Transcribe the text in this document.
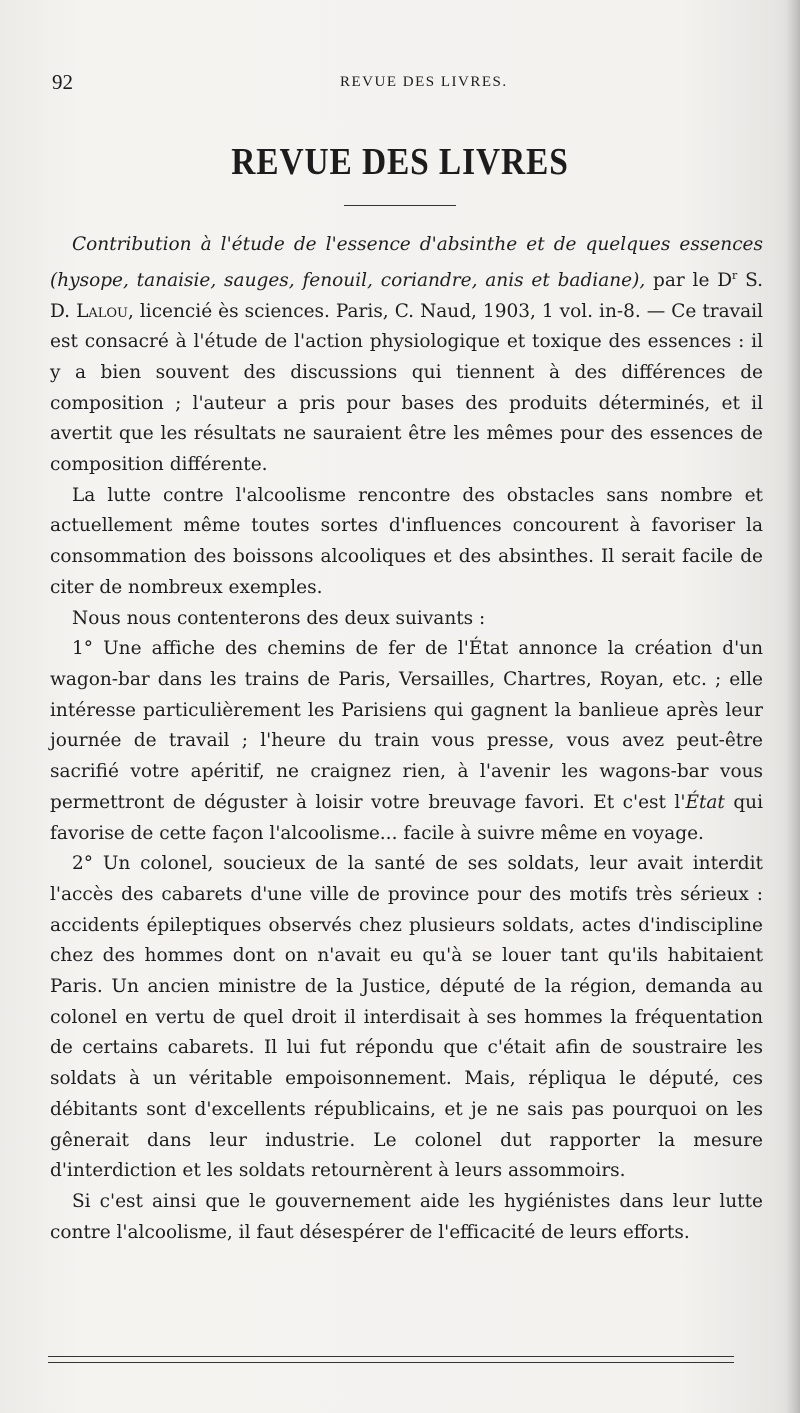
92	REVUE DES LIVRES.
REVUE DES LIVRES

Contribution à l'étude de l'essence d'absinthe et de quelques essences (hysope, tanaisie, sauges, fenouil, coriandre, anis et badiane), par le $D^r$ S. D. Lalou, licencié ès sciences. Paris, C. Naud, 1903, 1 vol. in-8. — Ce travail est consacré à l'étude de l'action physiologique et toxique des essences : il y a bien souvent des discussions qui tiennent à des différences de composition ; l'auteur a pris pour bases des produits déterminés, et il avertit que les résultats ne sauraient être les mêmes pour des essences de composition différente.

La lutte contre l'alcoolisme rencontre des obstacles sans nombre et actuellement même toutes sortes d'influences concourent à favoriser la consommation des boissons alcooliques et des absinthes. Il serait facile de citer de nombreux exemples.

Nous nous contenterons des deux suivants :

1° Une affiche des chemins de fer de l'État annonce la création d'un wagon-bar dans les trains de Paris, Versailles, Chartres, Royan, etc. ; elle intéresse particulièrement les Parisiens qui gagnent la banlieue après leur journée de travail ; l'heure du train vous presse, vous avez peut-être sacrifié votre apéritif, ne craignez rien, à l'avenir les wagons-bar vous permettront de déguster à loisir votre breuvage favori. Et c'est l'État qui favorise de cette façon l'alcoolisme... facile à suivre même en voyage.

2° Un colonel, soucieux de la santé de ses soldats, leur avait interdit l'accès des cabarets d'une ville de province pour des motifs très sérieux : accidents épileptiques observés chez plusieurs soldats, actes d'indiscipline chez des hommes dont on n'avait eu qu'à se louer tant qu'ils habitaient Paris. Un ancien ministre de la Justice, député de la région, demanda au colonel en vertu de quel droit il interdisait à ses hommes la fréquentation de certains cabarets. Il lui fut répondu que c'était afin de soustraire les soldats à un véritable empoisonnement. Mais, répliqua le député, ces débitants sont d'excellents républicains, et je ne sais pas pourquoi on les gênerait dans leur industrie. Le colonel dut rapporter la mesure d'interdiction et les soldats retournèrent à leurs assommoirs.

Si c'est ainsi que le gouvernement aide les hygiénistes dans leur lutte contre l'alcoolisme, il faut désespérer de l'efficacité de leurs efforts.
